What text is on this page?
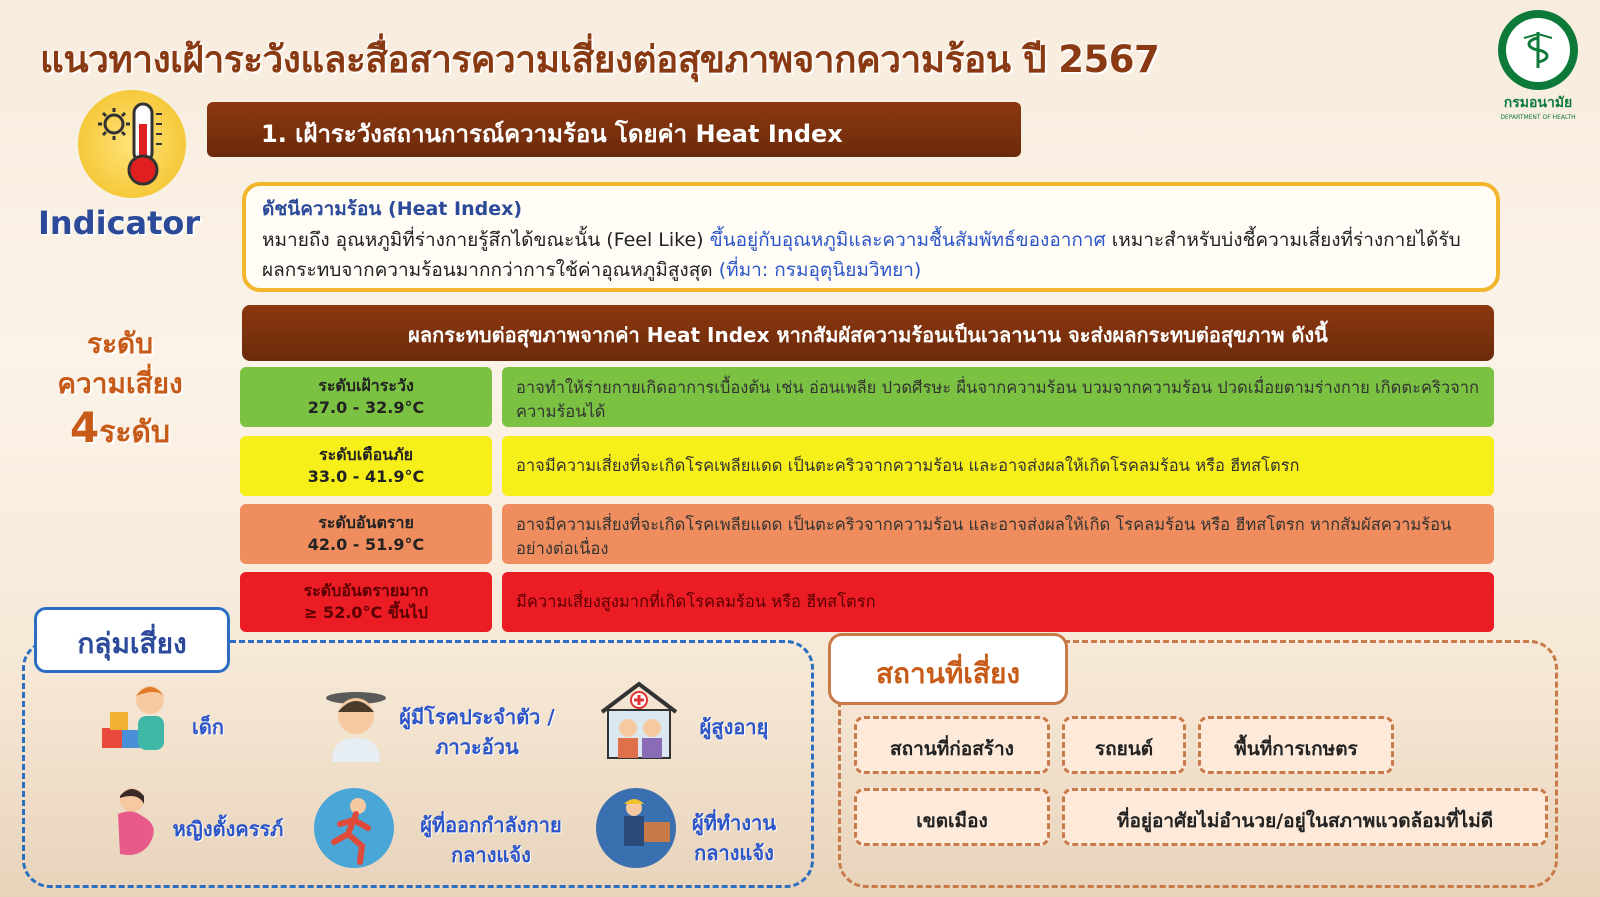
แนวทางเฝ้าระวังและสื่อสารความเสี่ยงต่อสุขภาพจากความร้อน ปี 2567
กรมอนามัย
DEPARTMENT OF HEALTH
1. เฝ้าระวังสถานการณ์ความร้อน โดยค่า Heat Index
Indicator	ดัชนีความร้อน (Heat Index)
หมายถึง อุณหภูมิที่ร่างกายรู้สึกได้ขณะนั้น (Feel Like) ขึ้นอยู่กับอุณหภูมิและความชื้นสัมพัทธ์ของอากาศ เหมาะสำหรับบ่งชี้ความเสี่ยงที่ร่างกายได้รับผลกระทบจากความร้อนมากกว่าการใช้ค่าอุณหภูมิสูงสุด (ที่มา: กรมอุตุนิยมวิทยา)
ระดับ
ความเสี่ยง
4ระดับ
ผลกระทบต่อสุขภาพจากค่า Heat Index หากสัมผัสความร้อนเป็นเวลานาน จะส่งผลกระทบต่อสุขภาพ ดังนี้
ระดับเฝ้าระวัง
27.0 - 32.9°C
อาจทำให้ร่ายกายเกิดอาการเบื้องต้น เช่น อ่อนเพลีย ปวดศีรษะ ผื่นจากความร้อน บวมจากความร้อน ปวดเมื่อยตามร่างกาย เกิดตะคริวจากความร้อนได้
ระดับเตือนภัย
33.0 - 41.9°C
อาจมีความเสี่ยงที่จะเกิดโรคเพลียแดด เป็นตะคริวจากความร้อน และอาจส่งผลให้เกิดโรคลมร้อน หรือ ฮีทสโตรก
ระดับอันตราย
42.0 - 51.9°C
อาจมีความเสี่ยงที่จะเกิดโรคเพลียแดด เป็นตะคริวจากความร้อน และอาจส่งผลให้เกิด โรคลมร้อน หรือ ฮีทสโตรก หากสัมผัสความร้อนอย่างต่อเนื่อง
ระดับอันตรายมาก
≥ 52.0°C ขึ้นไป
มีความเสี่ยงสูงมากที่เกิดโรคลมร้อน หรือ ฮีทสโตรก
กลุ่มเสี่ยง
เด็ก	ผู้มีโรคประจำตัว /ภาวะอ้วน
ผู้สูงอายุ
หญิงตั้งครรภ์	ผู้ที่ออกกำลังกาย กลางแจ้ง
ผู้ที่ทำงาน กลางแจ้ง
สถานที่เสี่ยง
สถานที่ก่อสร้าง	รถยนต์	พื้นที่การเกษตร
เขตเมือง	ที่อยู่อาศัยไม่อำนวย/อยู่ในสภาพแวดล้อมที่ไม่ดี
